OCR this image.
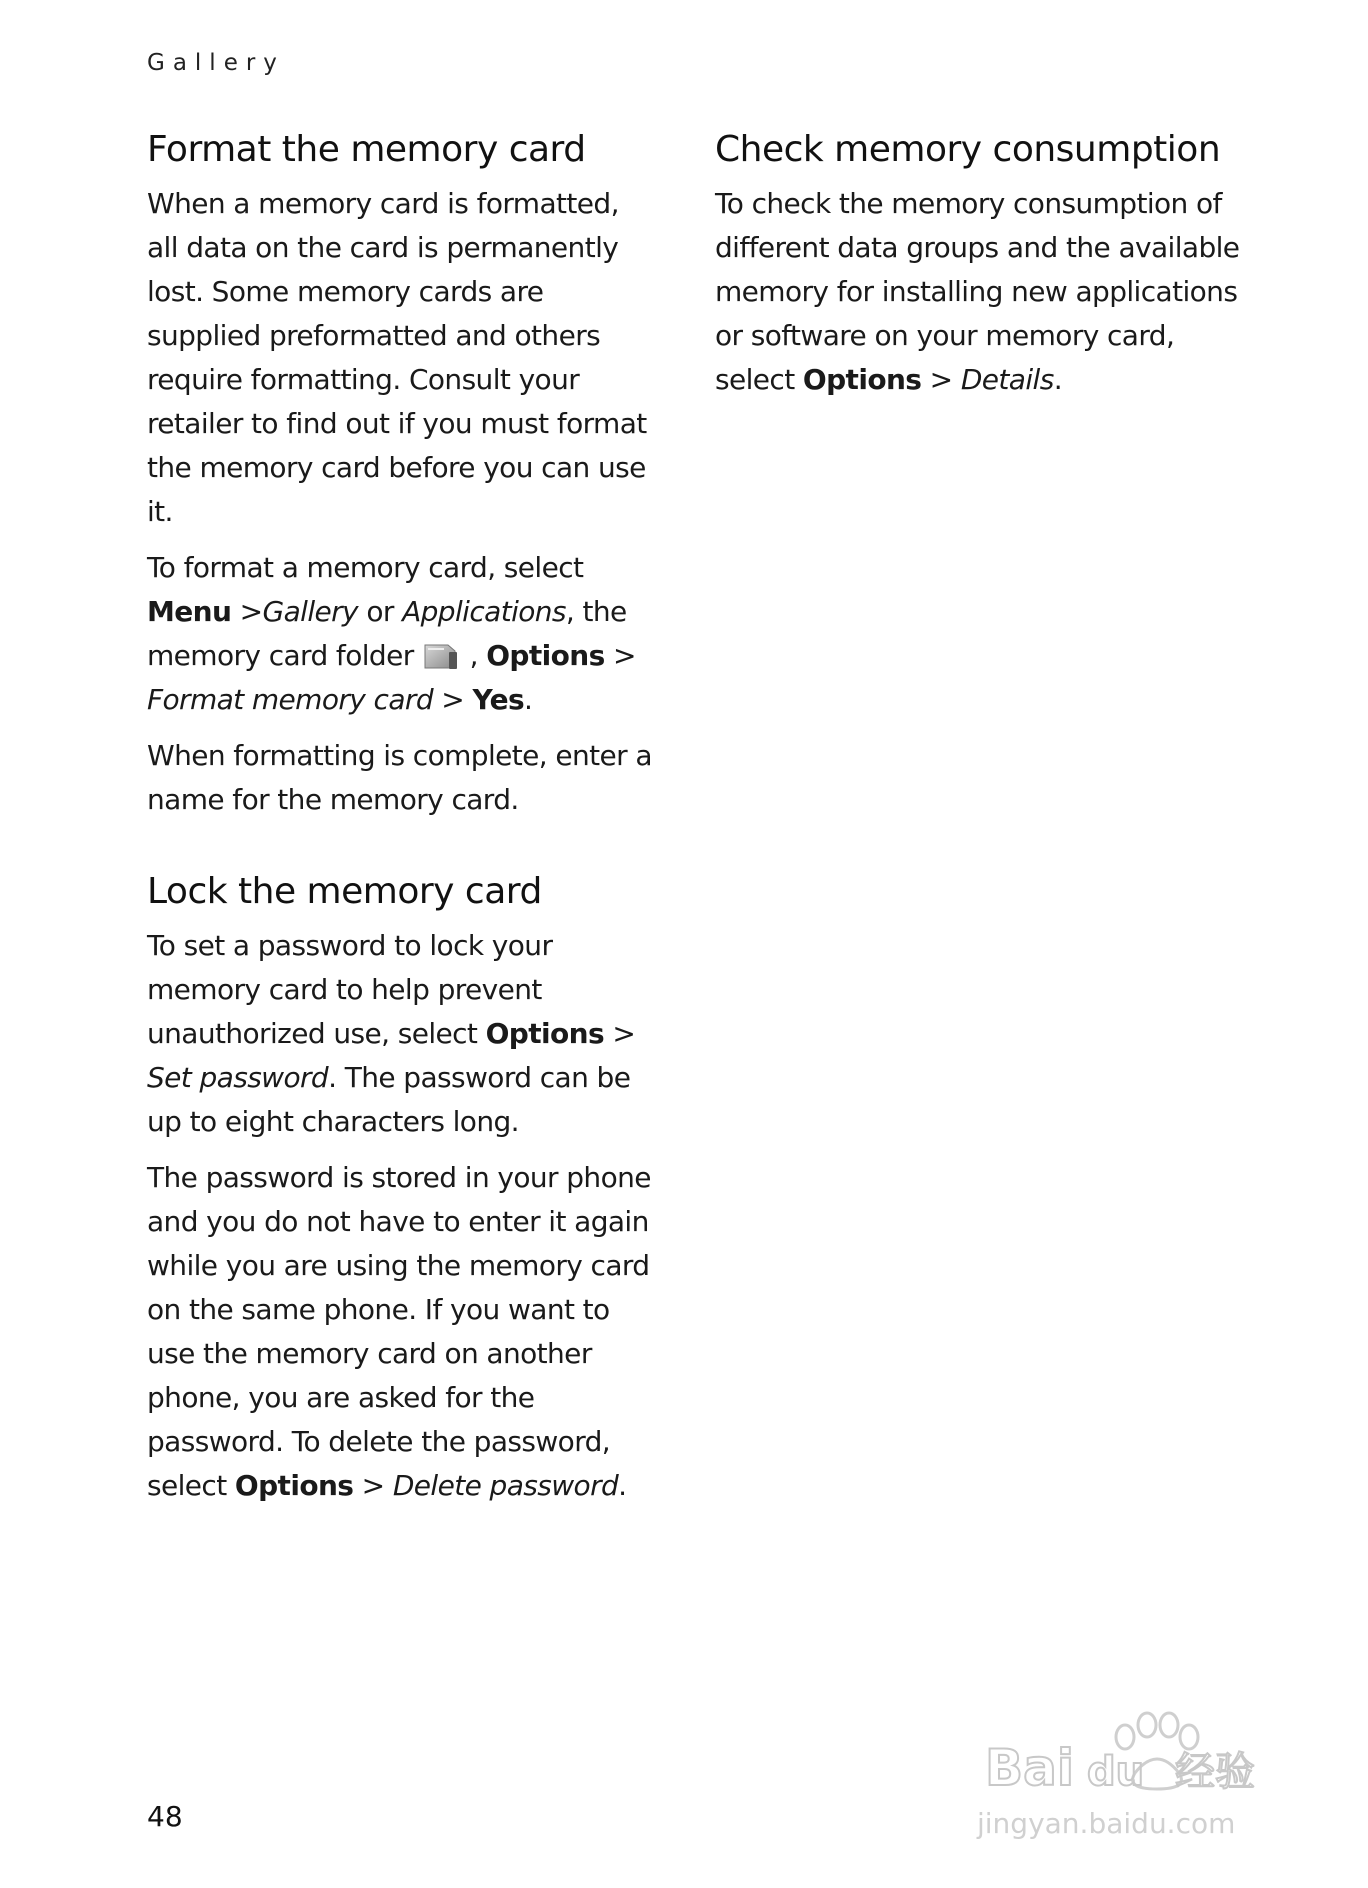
Gallery
Format the memory card

When a memory card is formatted, all data on the card is permanently lost. Some memory cards are supplied preformatted and others require formatting. Consult your retailer to find out if you must format the memory card before you can use it.

To format a memory card, select Menu >Gallery or Applications, the memory card folder , Options > Format memory card > Yes.

When formatting is complete, enter a name for the memory card.

Lock the memory card

To set a password to lock your memory card to help prevent unauthorized use, select Options > Set password. The password can be up to eight characters long.

The password is stored in your phone and you do not have to enter it again while you are using the memory card on the same phone. If you want to use the memory card on another phone, you are asked for the password. To delete the password, select Options > Delete password.

Check memory consumption

To check the memory consumption of different data groups and the available memory for installing new applications or software on your memory card, select Options > Details.

48
Bai du 经验
jingyan.baidu.com
